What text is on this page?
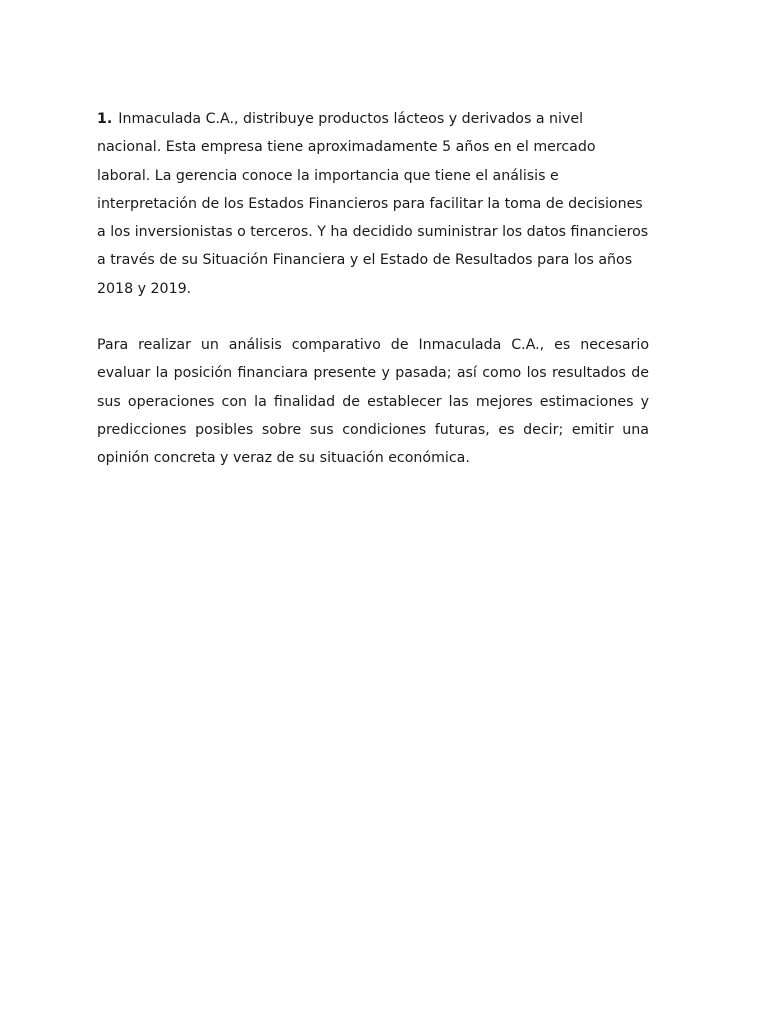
1. Inmaculada C.A., distribuye productos lácteos y derivados a nivel nacional. Esta empresa tiene aproximadamente 5 años en el mercado laboral. La gerencia conoce la importancia que tiene el análisis e interpretación de los Estados Financieros para facilitar la toma de decisiones a los inversionistas o terceros. Y ha decidido suministrar los datos financieros a través de su Situación Financiera y el Estado de Resultados para los años 2018 y 2019.

Para realizar un análisis comparativo de Inmaculada C.A., es necesario evaluar la posición financiara presente y pasada; así como los resultados de sus operaciones con la finalidad de establecer las mejores estimaciones y predicciones posibles sobre sus condiciones futuras, es decir; emitir una opinión concreta y veraz de su situación económica.
